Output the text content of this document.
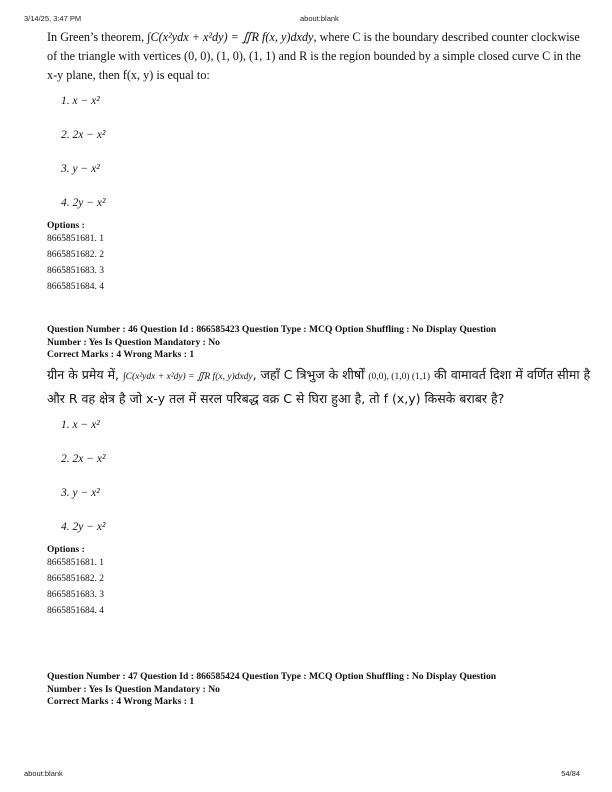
3/14/25, 3:47 PM	about:blank

In Green’s theorem, ∫C(x²ydx + x²dy) = ∬R f(x, y)dxdy, where C is the boundary described counter clockwise of the triangle with vertices (0, 0), (1, 0), (1, 1) and R is the region bounded by a simple closed curve C in the x-y plane, then f(x, y) is equal to:

1. x − x²
2. 2x − x²
3. y − x²
4. 2y − x²
Options :
8665851681. 1
8665851682. 2
8665851683. 3
8665851684. 4

Question Number : 46 Question Id : 866585423 Question Type : MCQ Option Shuffling : No Display Question

Number : Yes Is Question Mandatory : No

Correct Marks : 4 Wrong Marks : 1

ग्रीन के प्रमेय में, ∫C(x²ydx + x²dy) = ∬R f(x, y)dxdy, जहाँ C त्रिभुज के शीर्षों (0,0), (1,0) (1,1) की वामावर्त दिशा में वर्णित सीमा है और R वह क्षेत्र है जो x-y तल में सरल परिबद्ध वक्र C से घिरा हुआ है, तो f (x,y) किसके बराबर है?

1. x − x²
2. 2x − x²
3. y − x²
4. 2y − x²
Options :
8665851681. 1
8665851682. 2
8665851683. 3
8665851684. 4

Question Number : 47 Question Id : 866585424 Question Type : MCQ Option Shuffling : No Display Question

Number : Yes Is Question Mandatory : No

Correct Marks : 4 Wrong Marks : 1

about:blank	54/84
